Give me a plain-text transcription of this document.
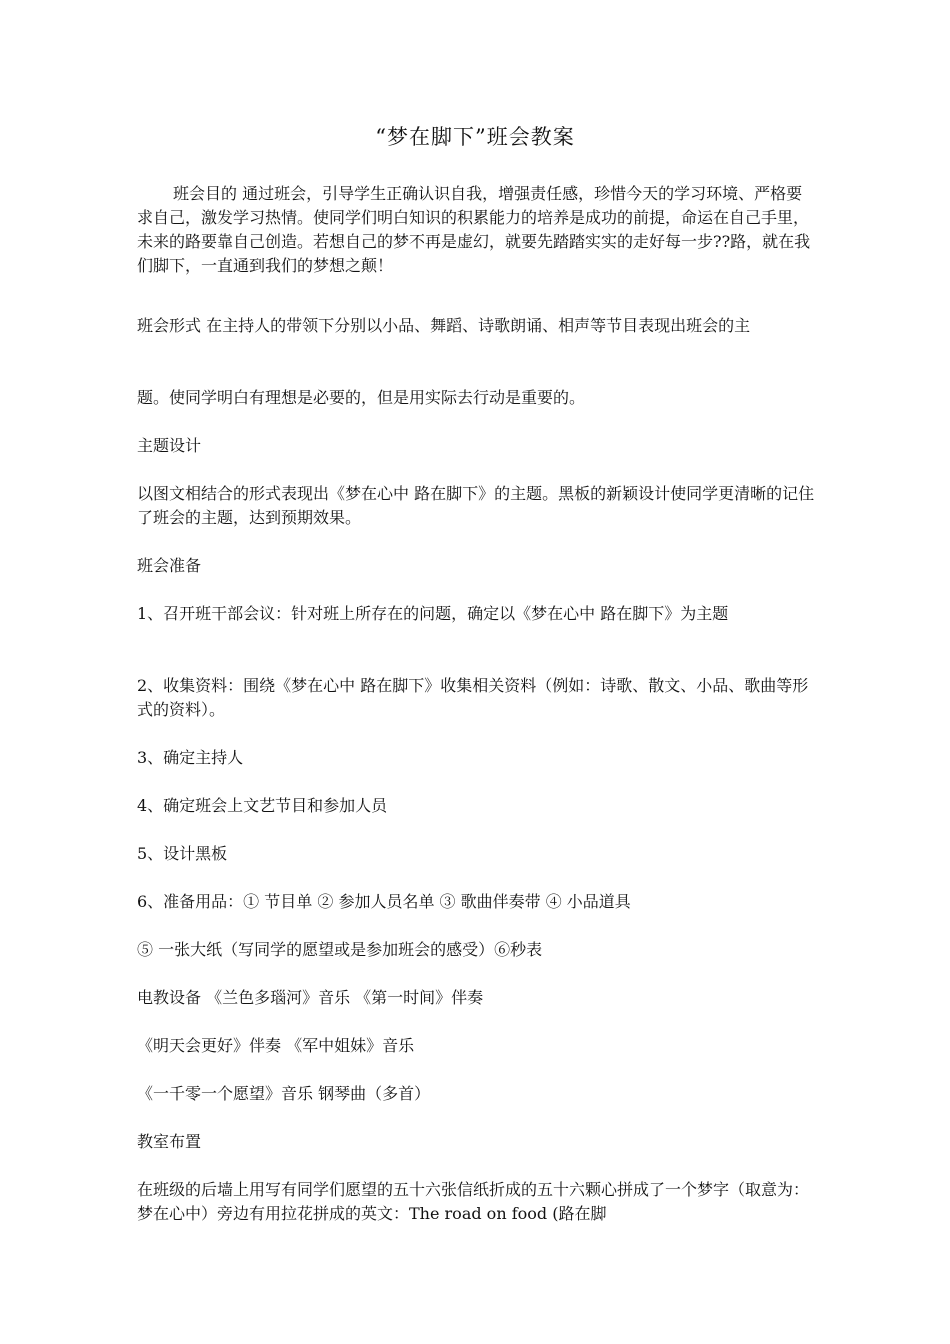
“梦在脚下”班会教案

班会目的 通过班会，引导学生正确认识自我，增强责任感，珍惜今天的学习环境、严格要求自己，激发学习热情。使同学们明白知识的积累能力的培养是成功的前提，命运在自己手里，未来的路要靠自己创造。若想自己的梦不再是虚幻，就要先踏踏实实的走好每一步??路，就在我们脚下，一直通到我们的梦想之颠！

班会形式 在主持人的带领下分别以小品、舞蹈、诗歌朗诵、相声等节目表现出班会的主

题。使同学明白有理想是必要的，但是用实际去行动是重要的。

主题设计

以图文相结合的形式表现出《梦在心中 路在脚下》的主题。黑板的新颖设计使同学更清晰的记住了班会的主题，达到预期效果。

班会准备

1、召开班干部会议：针对班上所存在的问题，确定以《梦在心中 路在脚下》为主题

2、收集资料：围绕《梦在心中 路在脚下》收集相关资料（例如：诗歌、散文、小品、歌曲等形式的资料）。

3、确定主持人

4、确定班会上文艺节目和参加人员

5、设计黑板

6、准备用品：① 节目单 ② 参加人员名单 ③ 歌曲伴奏带 ④ 小品道具

⑤ 一张大纸（写同学的愿望或是参加班会的感受）⑥秒表

电教设备 《兰色多瑙河》音乐 《第一时间》伴奏

《明天会更好》伴奏 《军中姐妹》音乐

《一千零一个愿望》音乐 钢琴曲（多首）

教室布置

在班级的后墙上用写有同学们愿望的五十六张信纸折成的五十六颗心拼成了一个梦字（取意为：梦在心中）旁边有用拉花拼成的英文：The road on food (路在脚
